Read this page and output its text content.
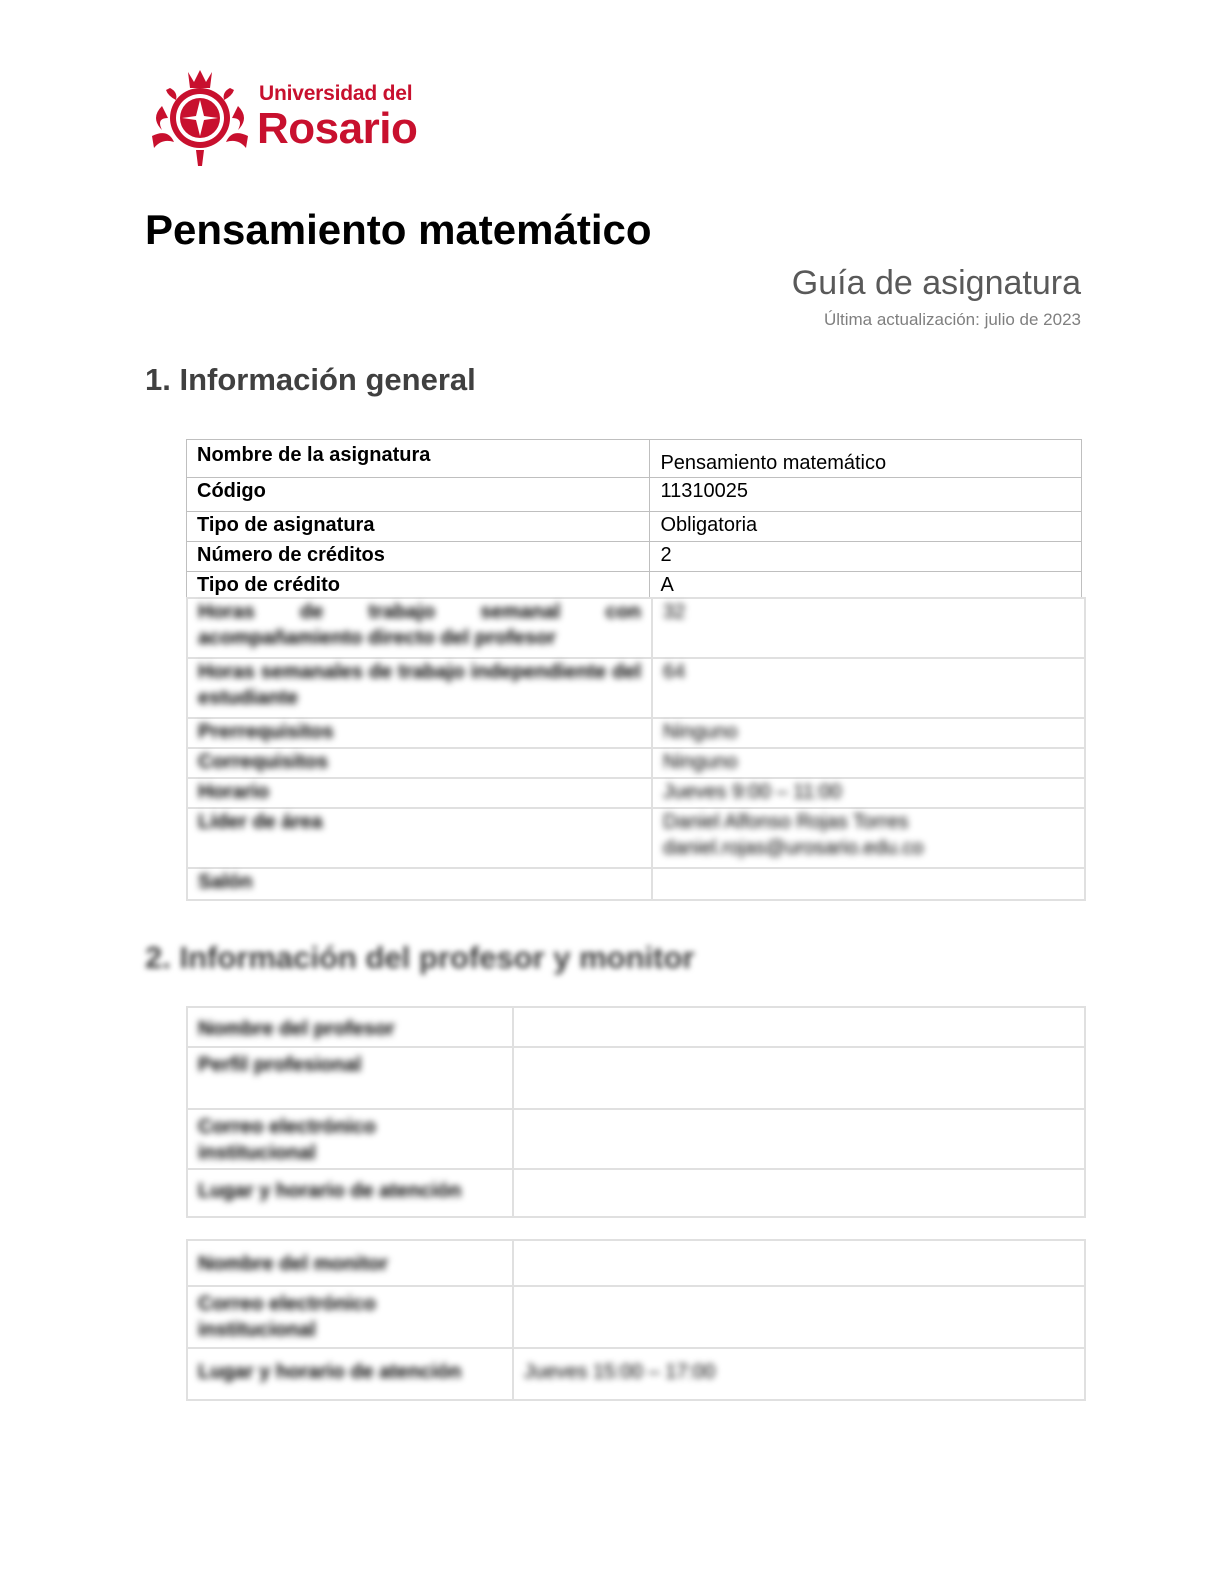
Universidad del
Rosario
Pensamiento matemático
Guía de asignatura
Última actualización: julio de 2023
1. Información general
Nombre de la asignatura	Pensamiento matemático
Código	11310025
Tipo de asignatura	Obligatoria
Número de créditos	2
Tipo de crédito	A
Horas de trabajo semanal con acompañamiento directo del profesor	32
Horas semanales de trabajo independiente del estudiante	64
Prerrequisitos	Ninguno
Correquisitos	Ninguno
Horario	Jueves 9:00 – 11:00
Líder de área	Daniel Alfonso Rojas Torres
daniel.rojas@urosario.edu.co

Salón	
2. Información del profesor y monitor
Nombre del profesor	
Perfil profesional	
Correo electrónico institucional	
Lugar y horario de atención	
Nombre del monitor	
Correo electrónico institucional	
Lugar y horario de atención	Jueves 15:00 – 17:00
